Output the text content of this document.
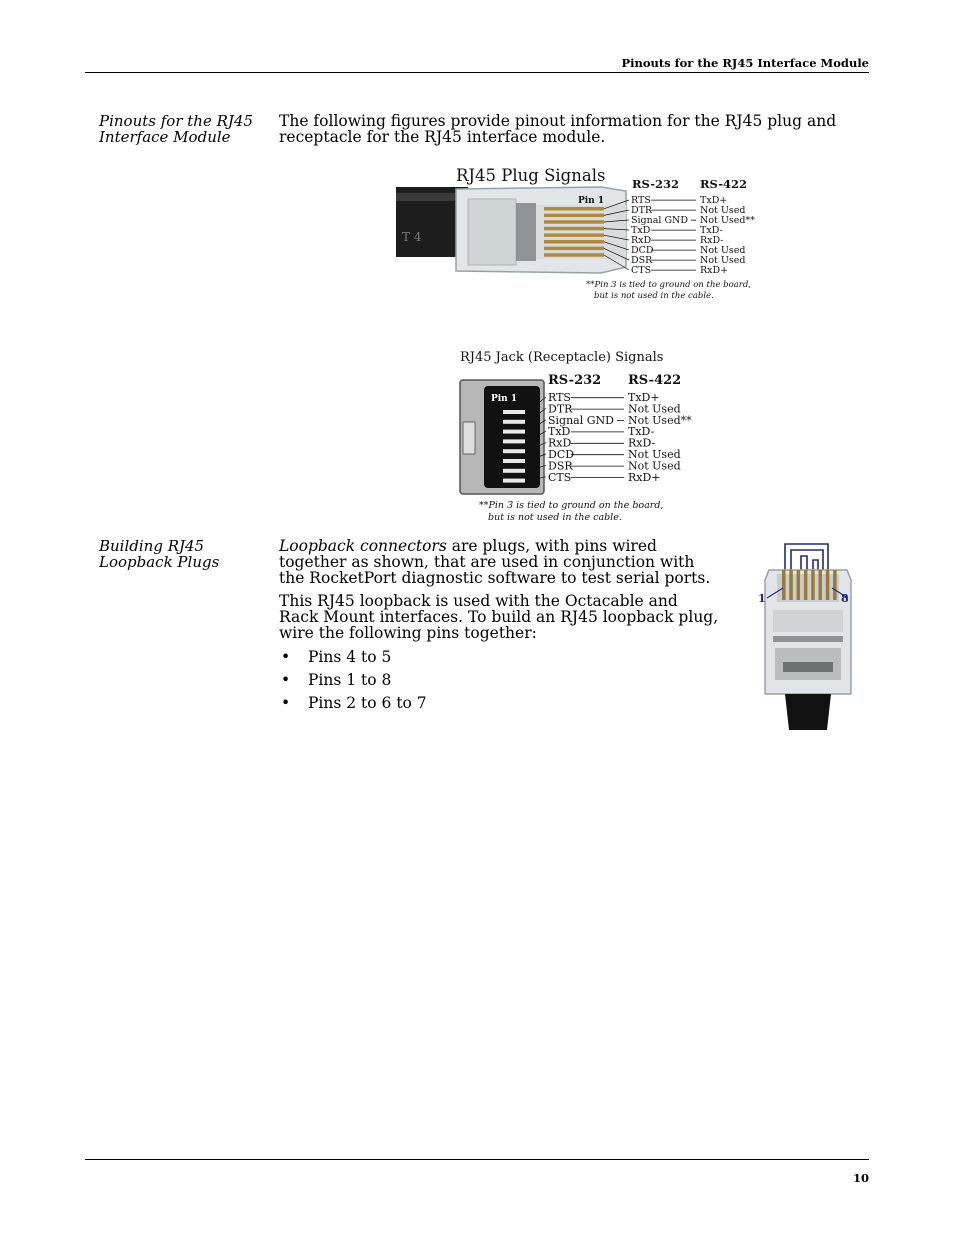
Pinouts for the RJ45 Interface Module
Pinouts for the RJ45
Interface Module
The following figures provide pinout information for the RJ45 plug and receptacle for the RJ45 interface module.
T 4
Pin 1
RJ45 Plug Signals RS-232 RS-422
RTS	TxD+
DTR	Not Used
Signal GND Not Used**
TxD	TxD-
RxD	RxD-
DCD	Not Used
DSR	Not Used
CTS	RxD+
**Pin 3 is tied to ground on the board,
but is not used in the cable.
RJ45 Jack (Receptacle) Signals
Pin 1
RS-232 RS-422
RTS	TxD+
DTR	Not Used
Signal GND Not Used**
TxD	TxD-
RxD	RxD-
DCD	Not Used
DSR	Not Used
CTS	RxD+
**Pin 3 is tied to ground on the board,
but is not used in the cable.
Building RJ45
Loopback Plugs
Loopback connectors are plugs, with pins wired together as shown, that are used in conjunction with the RocketPort diagnostic software to test serial ports.
This RJ45 loopback is used with the Octacable and Rack Mount interfaces. To build an RJ45 loopback plug, wire the following pins together:
• Pins 4 to 5
• Pins 1 to 8
• Pins 2 to 6 to 7
1	8
10
